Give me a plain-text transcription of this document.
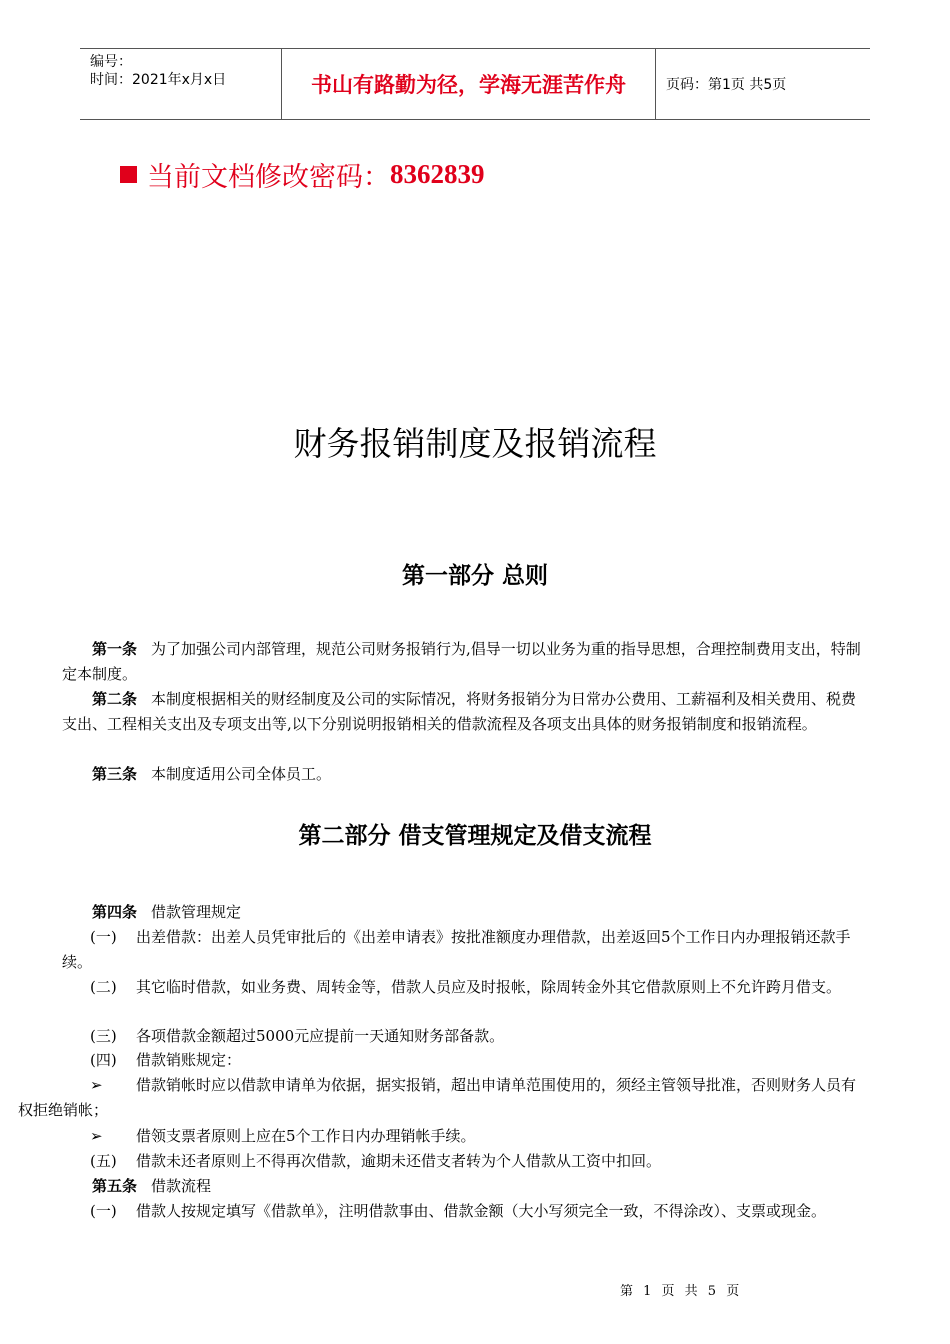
编号：
时间：2021年x月x日	书山有路勤为径，学海无涯苦作舟	页码：第1页 共5页
当前文档修改密码： 8362839
财务报销制度及报销流程
第一部分 总则
第一条 为了加强公司内部管理，规范公司财务报销行为,倡导一切以业务为重的指导思想，合理控制费用支出，特制定本制度。
第二条 本制度根据相关的财经制度及公司的实际情况，将财务报销分为日常办公费用、工薪福利及相关费用、税费支出、工程相关支出及专项支出等,以下分别说明报销相关的借款流程及各项支出具体的财务报销制度和报销流程。
第三条 本制度适用公司全体员工。
第二部分 借支管理规定及借支流程
第四条 借款管理规定
(一) 出差借款：出差人员凭审批后的《出差申请表》按批准额度办理借款，出差返回5个工作日内办理报销还款手续。
(二) 其它临时借款，如业务费、周转金等，借款人员应及时报帐，除周转金外其它借款原则上不允许跨月借支。
(三) 各项借款金额超过5000元应提前一天通知财务部备款。
(四) 借款销账规定：
➢ 借款销帐时应以借款申请单为依据，据实报销，超出申请单范围使用的，须经主管领导批准，否则财务人员有权拒绝销帐；
➢ 借领支票者原则上应在5个工作日内办理销帐手续。
(五) 借款未还者原则上不得再次借款，逾期未还借支者转为个人借款从工资中扣回。
第五条 借款流程
(一) 借款人按规定填写《借款单》，注明借款事由、借款金额（大小写须完全一致，不得涂改）、支票或现金。
第 1 页 共 5 页
